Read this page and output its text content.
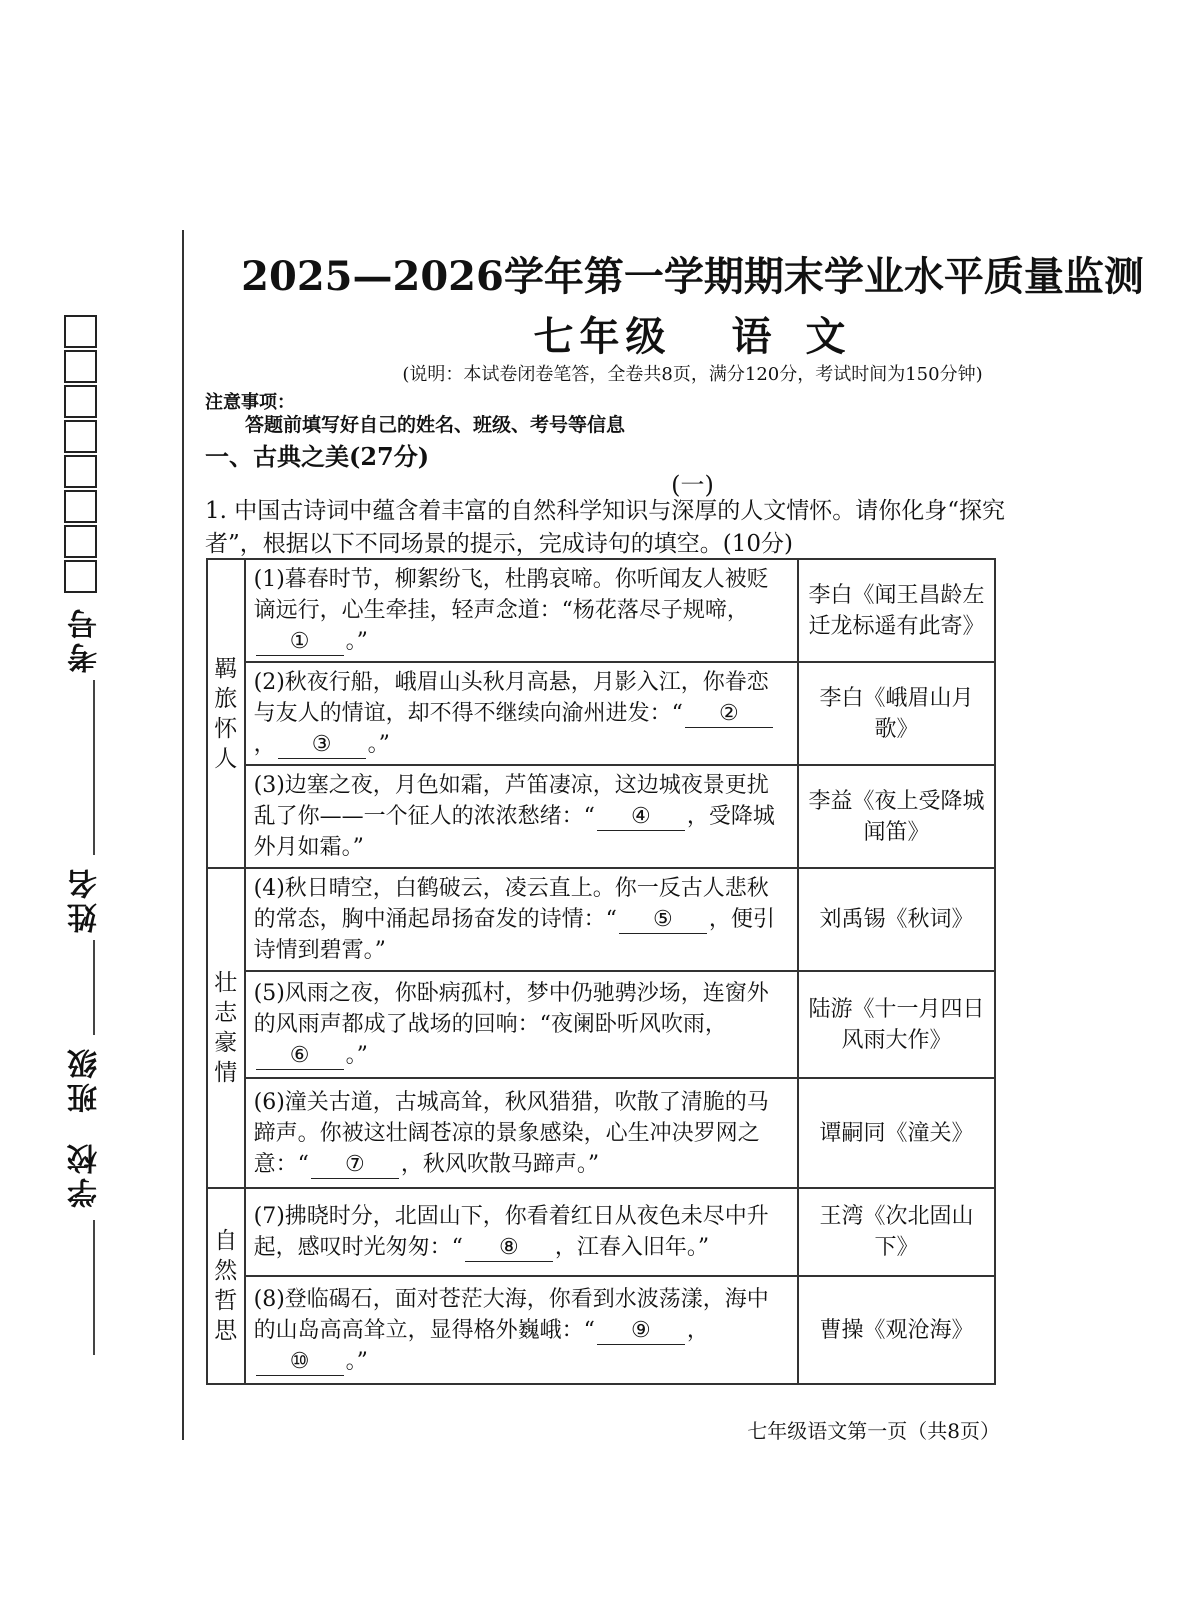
考号
姓名
班级
学校
2025—2026学年第一学期期末学业水平质量监测
七年级 语 文
(说明：本试卷闭卷笔答，全卷共8页，满分120分，考试时间为150分钟)
注意事项：
答题前填写好自己的姓名、班级、考号等信息
一、古典之美(27分)
(一)
1. 中国古诗词中蕴含着丰富的自然科学知识与深厚的人文情怀。请你化身“探究者”，根据以下不同场景的提示，完成诗句的填空。(10分)
羁旅怀人	(1)暮春时节，柳絮纷飞，杜鹃哀啼。你听闻友人被贬谪远行，心生牵挂，轻声念道：“杨花落尽子规啼，① 。”	李白《闻王昌龄左迁龙标遥有此寄》
	(2)秋夜行船，峨眉山头秋月高悬，月影入江，你眷恋与友人的情谊，却不得不继续向渝州进发：“ ②， ③ 。”	李白《峨眉山月歌》
	(3)边塞之夜，月色如霜，芦笛凄凉，这边城夜景更扰乱了你——一个征人的浓浓愁绪：“ ④ ，受降城外月如霜。”	李益《夜上受降城闻笛》
壮志豪情	(4)秋日晴空，白鹤破云，凌云直上。你一反古人悲秋的常态，胸中涌起昂扬奋发的诗情：“ ⑤ ，便引诗情到碧霄。”	刘禹锡《秋词》
	(5)风雨之夜，你卧病孤村，梦中仍驰骋沙场，连窗外的风雨声都成了战场的回响：“夜阑卧听风吹雨，⑥ 。”	陆游《十一月四日风雨大作》
	(6)潼关古道，古城高耸，秋风猎猎，吹散了清脆的马蹄声。你被这壮阔苍凉的景象感染，心生冲决罗网之意：“ ⑦ ，秋风吹散马蹄声。”	谭嗣同《潼关》
自然哲思	(7)拂晓时分，北固山下，你看着红日从夜色未尽中升起，感叹时光匆匆：“ ⑧ ，江春入旧年。”	王湾《次北固山下》
	(8)登临碣石，面对苍茫大海，你看到水波荡漾，海中的山岛高高耸立，显得格外巍峨：“ ⑨ ，⑩ 。”	曹操《观沧海》
七年级语文第一页（共8页）
